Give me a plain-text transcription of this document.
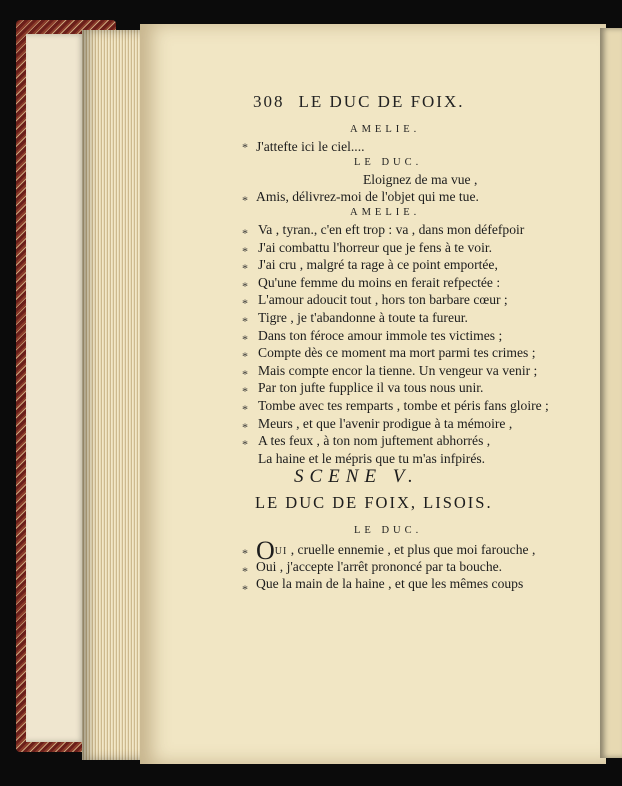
308 LE DUC DE FOIX.
AMELIE.
* J'attefte ici le ciel....
LE DUC.
Eloignez de ma vue ,
* Amis, délivrez-moi de l'objet qui me tue.
AMELIE.
* Va , tyran., c'en eft trop : va , dans mon défefpoir
* J'ai combattu l'horreur que je fens à te voir.
* J'ai cru , malgré ta rage à ce point emportée,
* Qu'une femme du moins en ferait refpectée :
* L'amour adoucit tout , hors ton barbare cœur ;
* Tigre , je t'abandonne à toute ta fureur.
* Dans ton féroce amour immole tes victimes ;
* Compte dès ce moment ma mort parmi tes crimes ;
* Mais compte encor la tienne. Un vengeur va venir ;
* Par ton jufte fupplice il va tous nous unir.
* Tombe avec tes remparts , tombe et péris fans gloire ;
* Meurs , et que l'avenir prodigue à ta mémoire ,
* A tes feux , à ton nom juftement abhorrés ,
La haine et le mépris que tu m'as infpirés.
SCENE V.
LE DUC DE FOIX, LISOIS.
LE DUC.
* OUI , cruelle ennemie , et plus que moi farouche ,
* Oui , j'accepte l'arrêt prononcé par ta bouche.
* Que la main de la haine , et que les mêmes coups
